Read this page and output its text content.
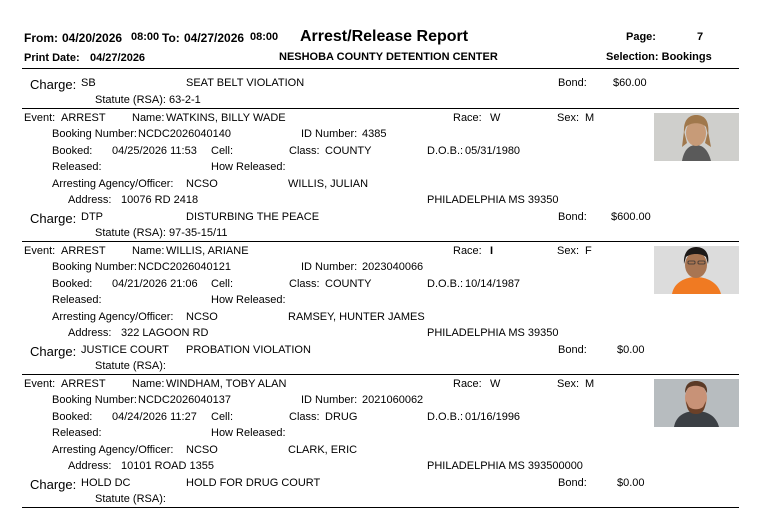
From: 04/20/2026 08:00 To: 04/27/2026 08:00 Arrest/Release Report	Page:	7
Print Date: 04/27/2026	NESHOBA COUNTY DETENTION CENTER	Selection: Bookings
Charge: SB	SEAT BELT VIOLATION	Bond: $60.00
Statute (RSA): 63-2-1
Event: ARREST Name: WATKINS, BILLY WADE	Race: W	Sex: M
Booking Number: NCDC2026040140	ID Number: 4385
Booked: 04/25/2026 11:53 Cell:	Class: COUNTY	D.O.B.: 05/31/1980
Released:	How Released:
Arresting Agency/Officer: NCSO	WILLIS, JULIAN
Address: 10076 RD 2418	PHILADELPHIA MS 39350
Charge: DTP	DISTURBING THE PEACE	Bond: $600.00
Statute (RSA): 97-35-15/11
Event: ARREST Name: WILLIS, ARIANE	Race: I	Sex: F
Booking Number: NCDC2026040121	ID Number: 2023040066
Booked: 04/21/2026 21:06 Cell:	Class: COUNTY	D.O.B.: 10/14/1987
Released:	How Released:
Arresting Agency/Officer: NCSO	RAMSEY, HUNTER JAMES
Address: 322 LAGOON RD	PHILADELPHIA MS 39350
Charge: JUSTICE COURT PROBATION VIOLATION	Bond:	$0.00
Statute (RSA):
Event: ARREST Name: WINDHAM, TOBY ALAN	Race: W	Sex: M
Booking Number: NCDC2026040137	ID Number: 2021060062
Booked: 04/24/2026 11:27 Cell:	Class: DRUG	D.O.B.: 01/16/1996
Released:	How Released:
Arresting Agency/Officer: NCSO	CLARK, ERIC
Address: 10101 ROAD 1355	PHILADELPHIA MS 393500000
Charge: HOLD DC	HOLD FOR DRUG COURT	Bond:	$0.00
Statute (RSA):
